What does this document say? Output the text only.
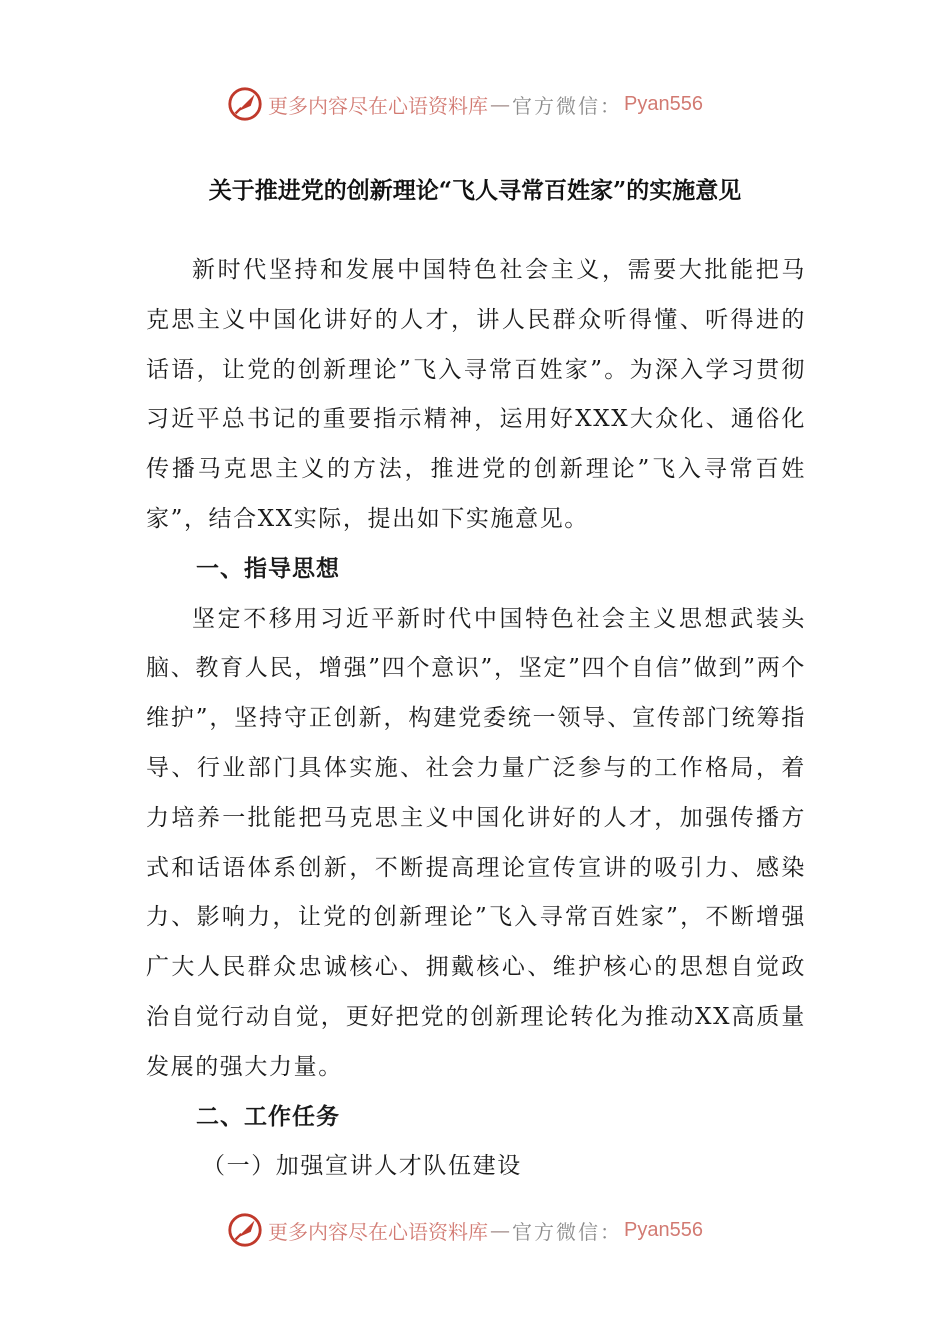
更多内容尽在心语资料库 — 官方微信： Pyan556
关于推进党的创新理论“飞人寻常百姓家”的实施意见

新时代坚持和发展中国特色社会主义，需要大批能把马克思主义中国化讲好的人才，讲人民群众听得懂、听得进的话语，让党的创新理论”飞入寻常百姓家”。为深入学习贯彻习近平总书记的重要指示精神，运用好XXX大众化、通俗化传播马克思主义的方法，推进党的创新理论”飞入寻常百姓家”，结合XX实际，提出如下实施意见。

一、指导思想

坚定不移用习近平新时代中国特色社会主义思想武装头脑、教育人民，增强”四个意识”，坚定”四个自信”做到”两个维护”，坚持守正创新，构建党委统一领导、宣传部门统筹指导、行业部门具体实施、社会力量广泛参与的工作格局，着力培养一批能把马克思主义中国化讲好的人才，加强传播方式和话语体系创新，不断提高理论宣传宣讲的吸引力、感染力、影响力，让党的创新理论”飞入寻常百姓家”，不断增强广大人民群众忠诚核心、拥戴核心、维护核心的思想自觉政治自觉行动自觉，更好把党的创新理论转化为推动XX高质量发展的强大力量。

二、工作任务

（一）加强宣讲人才队伍建设

更多内容尽在心语资料库 — 官方微信： Pyan556
